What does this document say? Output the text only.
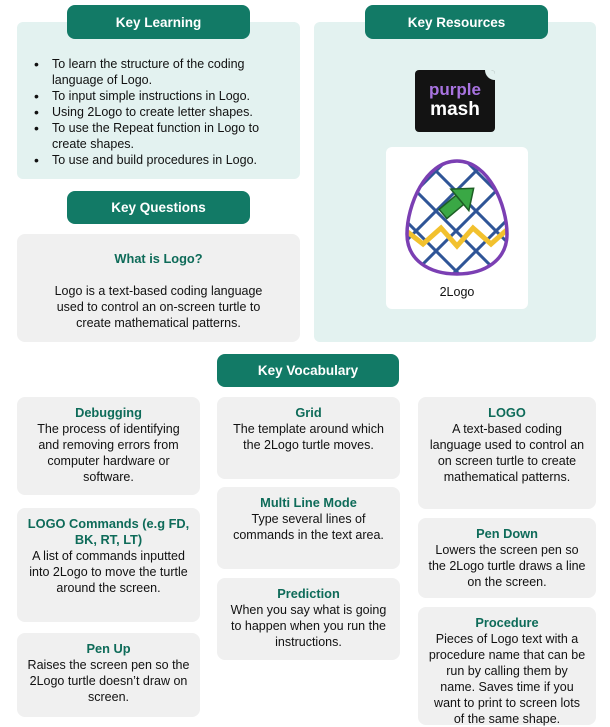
Key Learning
• To learn the structure of the coding language of Logo.
• To input simple instructions in Logo.
• Using 2Logo to create letter shapes.
• To use the Repeat function in Logo to create shapes.
• To use and build procedures in Logo.
Key Resources
purple
mash
2Logo
Key Questions
What is Logo?
Logo is a text-based coding language used to control an on-screen turtle to create mathematical patterns.
Key Vocabulary
Debugging
The process of identifying and removing errors from computer hardware or software.
LOGO Commands (e.g FD, BK, RT, LT)
A list of commands inputted into 2Logo to move the turtle around the screen.
Pen Up
Raises the screen pen so the 2Logo turtle doesn’t draw on screen.
Grid
The template around which the 2Logo turtle moves.
Multi Line Mode
Type several lines of commands in the text area.
Prediction
When you say what is going to happen when you run the instructions.
LOGO
A text-based coding language used to control an on screen turtle to create mathematical patterns.
Pen Down
Lowers the screen pen so the 2Logo turtle draws a line on the screen.
Procedure
Pieces of Logo text with a procedure name that can be run by calling them by name. Saves time if you want to print to screen lots of the same shape.
